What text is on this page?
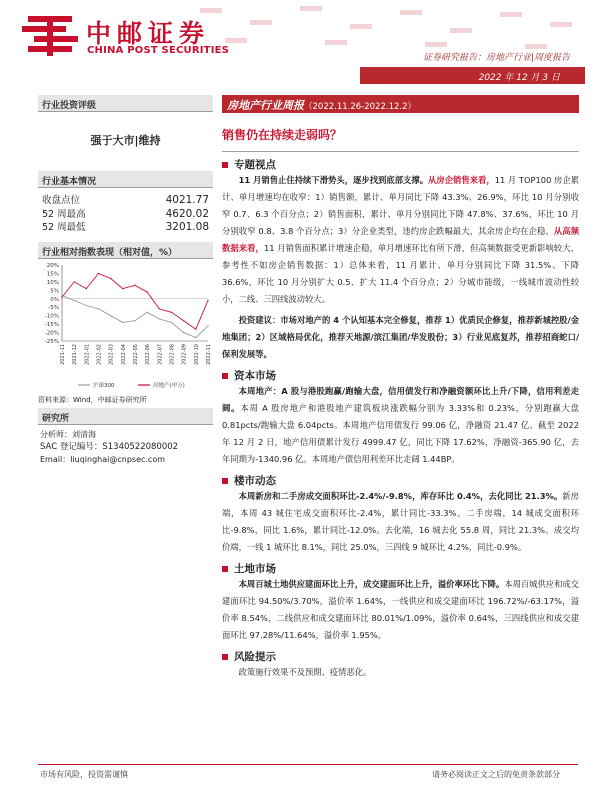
中邮证券
CHINA POST SECURITIES
证券研究报告：房地产行业|周度报告
2022 年 12 月 3 日
行业投资评级
强于大市|维持
行业基本情况
收盘点位	4021.77
52 周最高	4620.02
52 周最低	3201.08
行业相对指数表现（相对值，%）
20%
15%
10%
5%
0%
-5%
-10%
-15%
-20%
-25%
2021-11 2021-12 2022-01 2022-02 2022-03 2022-04 2022-05 2022-06 2022-07 2022-08 2022-09 2022-10 2022-11
沪深300	房地产(申万)
资料来源：Wind，中邮证券研究所
研究所
分析师：刘清海
SAC 登记编号：S1340522080002
Email：liuqinghai@cnpsec.com
房地产行业周报（2022.11.26-2022.12.2）
销售仍在持续走弱吗？
专题视点

11 月销售止住持续下滑势头，逐步找到底部支撑。从房企销售来看，11 月 TOP100 房企累计、单月增速均在收窄：1）销售额，累计、单月同比下降 43.3%、26.9%，环比 10 月分别收窄 0.7、6.3 个百分点；2）销售面积，累计、单月分别同比下降 47.8%、37.6%，环比 10 月分别收窄 0.8、3.8 个百分点；3）分企业类型，违约房企跌幅最大，其余房企均在企稳。从高频数据来看，11 月销售面积累计增速企稳，单月增速环比有所下滑，但高频数据受更新影响较大，参考性不如房企销售数据：1）总体来看，11 月累计、单月分别同比下降 31.5%、下降 36.6%，环比 10 月分别扩大 0.5、扩大 11.4 个百分点；2）分城市能级，一线城市波动性较小，二线、三四线波动较大。

投资建议：市场对地产的 4 个认知基本完全修复，推荐 1）优质民企修复，推荐新城控股/金地集团；2）区域格局优化，推荐天地源/滨江集团/华发股份；3）行业见底复苏，推荐招商蛇口/保利发展等。

资本市场

本周地产：A 股与港股跑赢/跑输大盘，信用债发行和净融资额环比上升/下降，信用利差走阔。本周 A 股房地产和港股地产建筑板块涨跌幅分别为 3.33%和 0.23%，分别跑赢大盘 0.81pcts/跑输大盘 6.04pcts。本周地产信用债发行 99.06 亿，净融资 21.47 亿。截至 2022 年 12 月 2 日，地产信用债累计发行 4999.47 亿，同比下降 17.62%，净融资-365.90 亿，去年同期为-1340.96 亿。本周地产债信用利差环比走阔 1.44BP。

楼市动态

本周新房和二手房成交面积环比-2.4%/-9.8%，库存环比 0.4%，去化同比 21.3%。新房端，本周 43 城住宅成交面积环比-2.4%，累计同比-33.3%。二手房端，14 城成交面积环比-9.8%，同比 1.6%，累计同比-12.0%。去化端，16 城去化 55.8 周，同比 21.3%。成交均价端，一线 1 城环比 8.1%，同比 25.0%，三四线 9 城环比 4.2%，同比-0.9%。

土地市场

本周百城土地供应建面环比上升，成交建面环比上升，溢价率环比下降。本周百城供应和成交建面环比 94.50%/3.70%，溢价率 1.64%，一线供应和成交建面环比 196.72%/-63.17%，溢价率 8.54%，二线供应和成交建面环比 80.01%/1.09%，溢价率 0.64%，三四线供应和成交建面环比 97.28%/11.64%，溢价率 1.95%。

风险提示

政策施行效果不及预期、疫情恶化。

市场有风险，投资需谨慎	请务必阅读正文之后的免责条款部分
